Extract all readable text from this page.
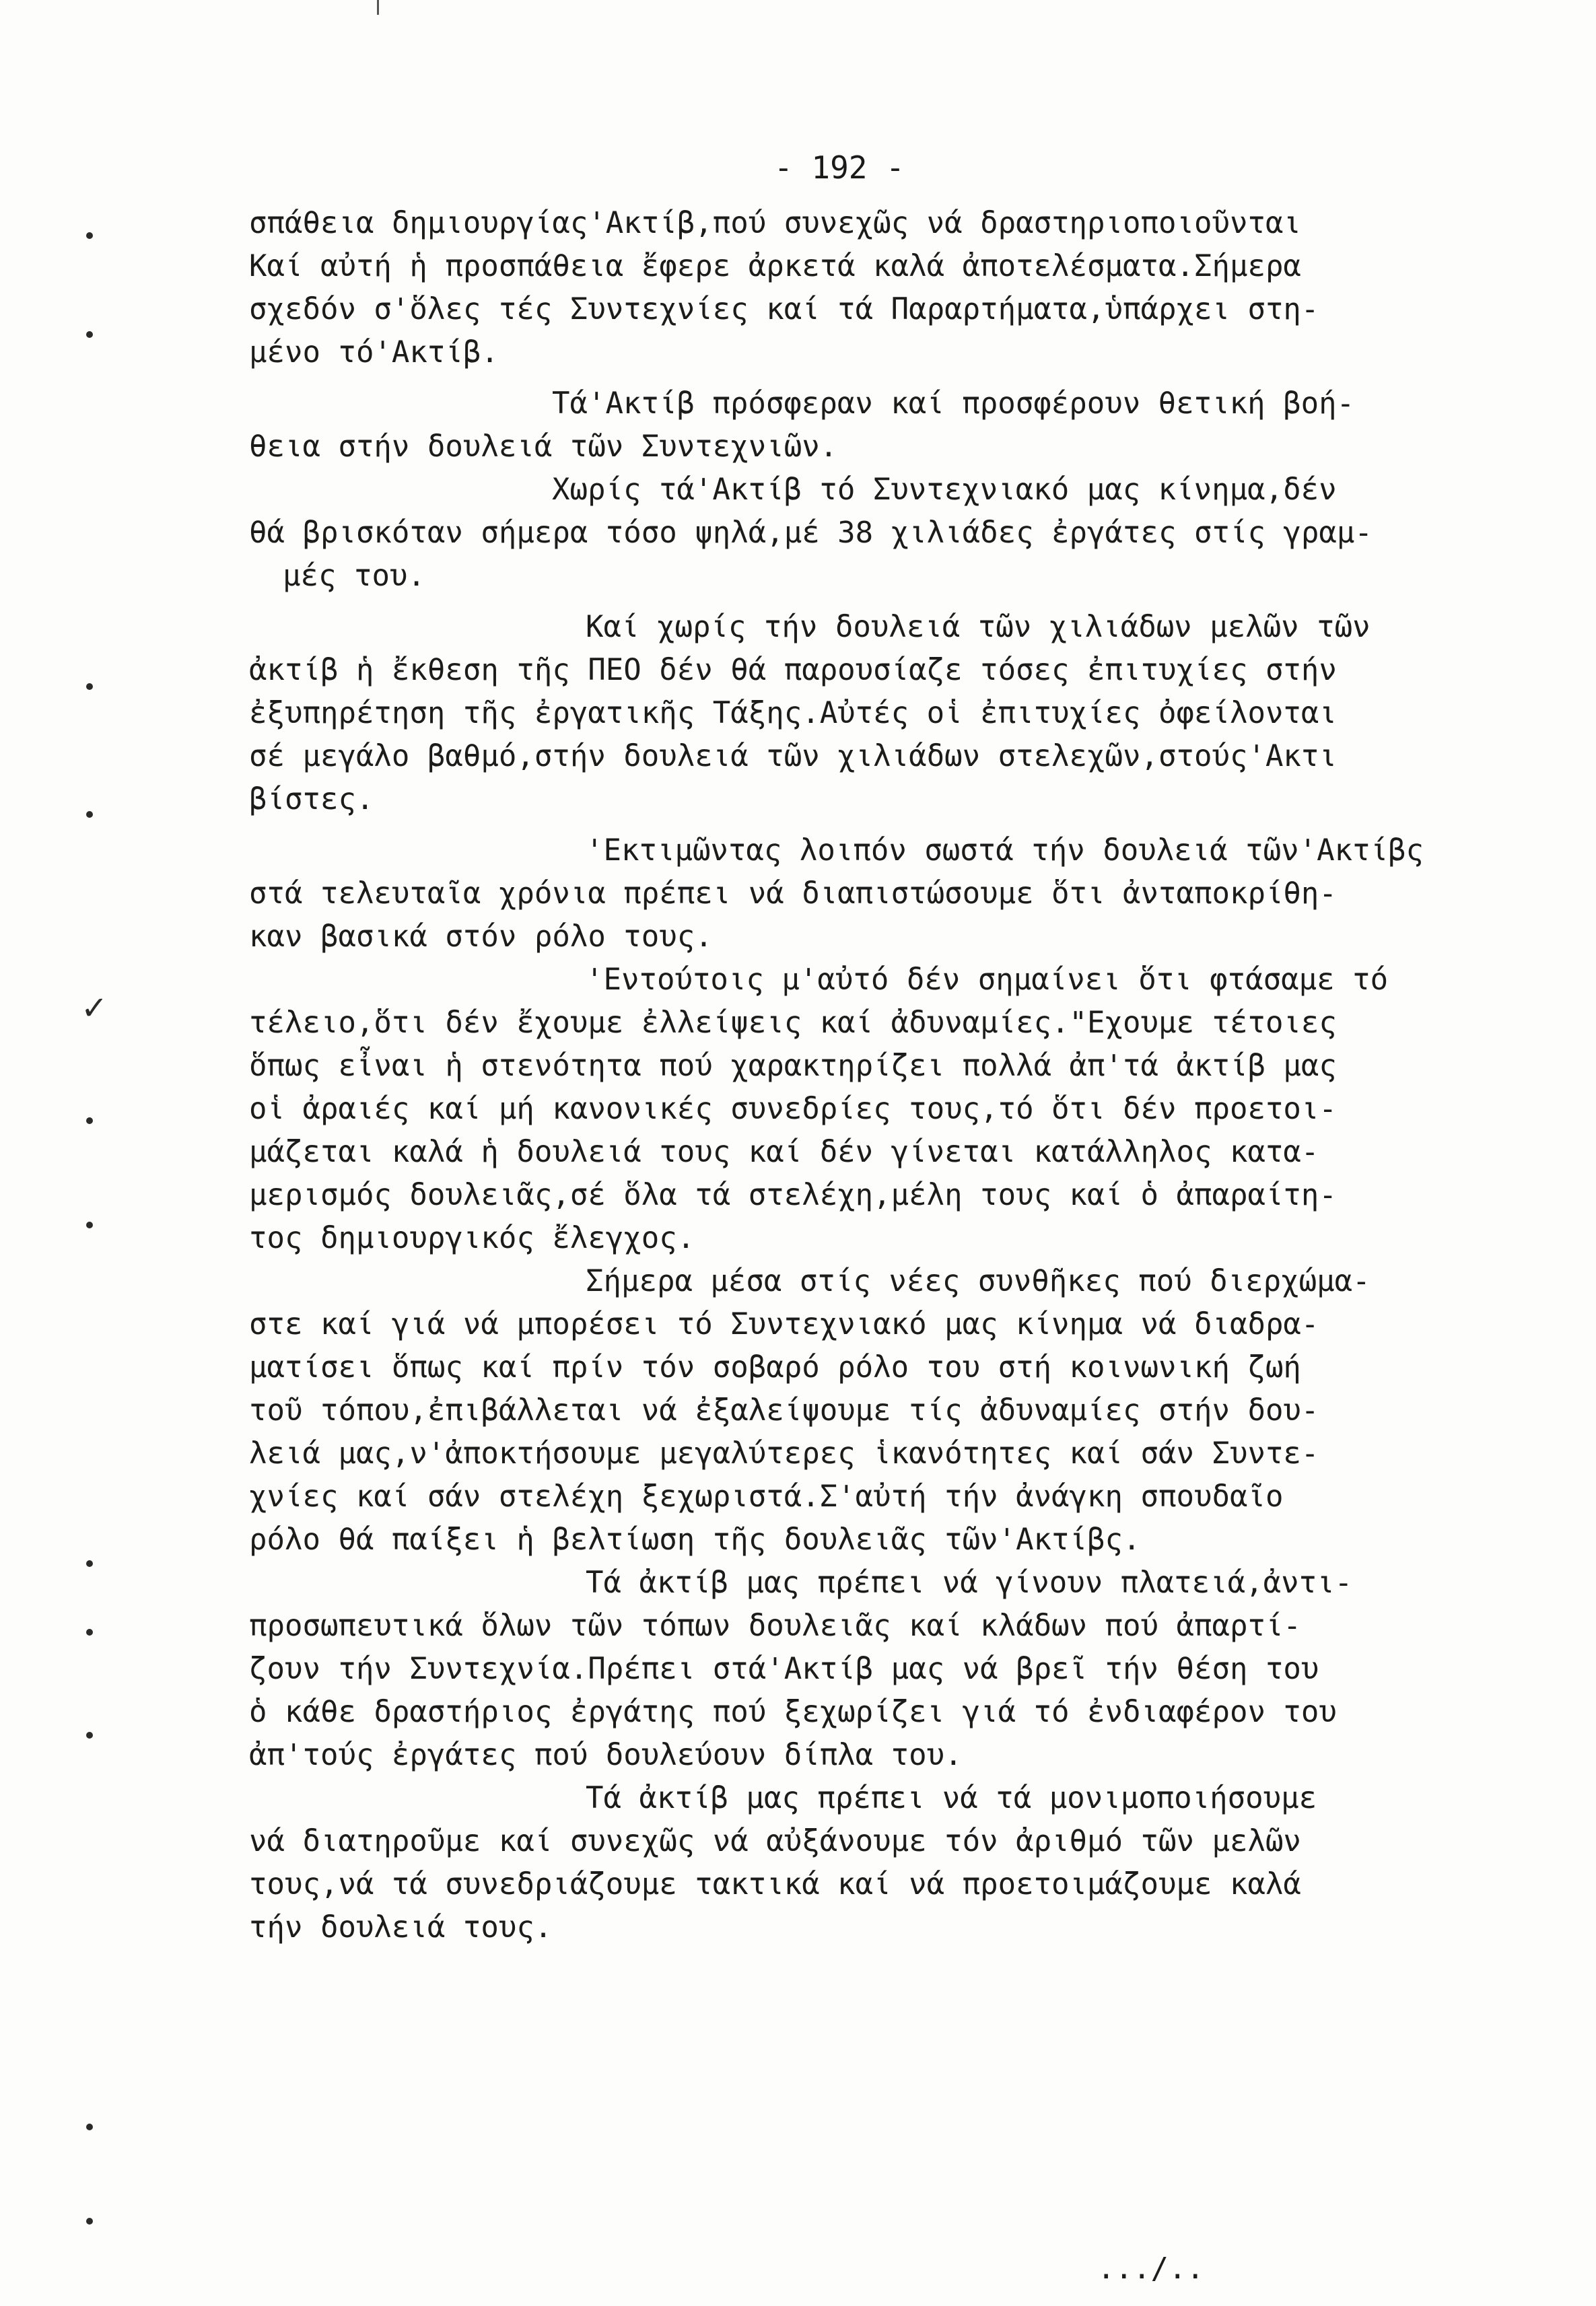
- 192 -
σπάθεια δημιουργίας'Ακτίβ,πού συνεχῶς νά δραστηριοποιοῦνται
Καί αὐτή ἡ προσπάθεια ἔφερε ἀρκετά καλά ἀποτελέσματα.Σήμερα
σχεδόν σ'ὅλες τές Συντεχνίες καί τά Παραρτήματα,ὑπάρχει στη-
μένο τό'Ακτίβ.
Τά'Ακτίβ πρόσφεραν καί προσφέρουν θετική βοή-
θεια στήν δουλειά τῶν Συντεχνιῶν.
Χωρίς τά'Ακτίβ τό Συντεχνιακό μας κίνημα,δέν
θά βρισκόταν σήμερα τόσο ψηλά,μέ 38 χιλιάδες ἐργάτες στίς γραμ-
μές του.
Καί χωρίς τήν δουλειά τῶν χιλιάδων μελῶν τῶν
ἀκτίβ ἡ ἔκθεση τῆς ΠΕΟ δέν θά παρουσίαζε τόσες ἐπιτυχίες στήν
ἐξυπηρέτηση τῆς ἐργατικῆς Τάξης.Αὐτές οἱ ἐπιτυχίες ὀφείλονται
σέ μεγάλο βαθμό,στήν δουλειά τῶν χιλιάδων στελεχῶν,στούς'Ακτι
βίστες.
'Εκτιμῶντας λοιπόν σωστά τήν δουλειά τῶν'Ακτίβς
στά τελευταῖα χρόνια πρέπει νά διαπιστώσουμε ὅτι ἀνταποκρίθη-
καν βασικά στόν ρόλο τους.
'Εντούτοις μ'αὐτό δέν σημαίνει ὅτι φτάσαμε τό
τέλειο,ὅτι δέν ἔχουμε ἐλλείψεις καί ἀδυναμίες."Εχουμε τέτοιες
ὅπως εἶναι ἡ στενότητα πού χαρακτηρίζει πολλά ἀπ'τά ἀκτίβ μας
οἱ ἀραιές καί μή κανονικές συνεδρίες τους,τό ὅτι δέν προετοι-
μάζεται καλά ἡ δουλειά τους καί δέν γίνεται κατάλληλος κατα-
μερισμός δουλειᾶς,σέ ὅλα τά στελέχη,μέλη τους καί ὁ ἀπαραίτη-
τος δημιουργικός ἔλεγχος.
Σήμερα μέσα στίς νέες συνθῆκες πού διερχώμα-
στε καί γιά νά μπορέσει τό Συντεχνιακό μας κίνημα νά διαδρα-
ματίσει ὅπως καί πρίν τόν σοβαρό ρόλο του στή κοινωνική ζωή
τοῦ τόπου,ἐπιβάλλεται νά ἐξαλείψουμε τίς ἀδυναμίες στήν δου-
λειά μας,ν'ἀποκτήσουμε μεγαλύτερες ἱκανότητες καί σάν Συντε-
χνίες καί σάν στελέχη ξεχωριστά.Σ'αὐτή τήν ἀνάγκη σπουδαῖο
ρόλο θά παίξει ἡ βελτίωση τῆς δουλειᾶς τῶν'Ακτίβς.
Τά ἀκτίβ μας πρέπει νά γίνουν πλατειά,ἀντι-
προσωπευτικά ὅλων τῶν τόπων δουλειᾶς καί κλάδων πού ἀπαρτί-
ζουν τήν Συντεχνία.Πρέπει στά'Ακτίβ μας νά βρεῖ τήν θέση του
ὁ κάθε δραστήριος ἐργάτης πού ξεχωρίζει γιά τό ἐνδιαφέρον του
ἀπ'τούς ἐργάτες πού δουλεύουν δίπλα του.
Τά ἀκτίβ μας πρέπει νά τά μονιμοποιήσουμε
νά διατηροῦμε καί συνεχῶς νά αὐξάνουμε τόν ἀριθμό τῶν μελῶν
τους,νά τά συνεδριάζουμε τακτικά καί νά προετοιμάζουμε καλά
τήν δουλειά τους.
.../..
✓
